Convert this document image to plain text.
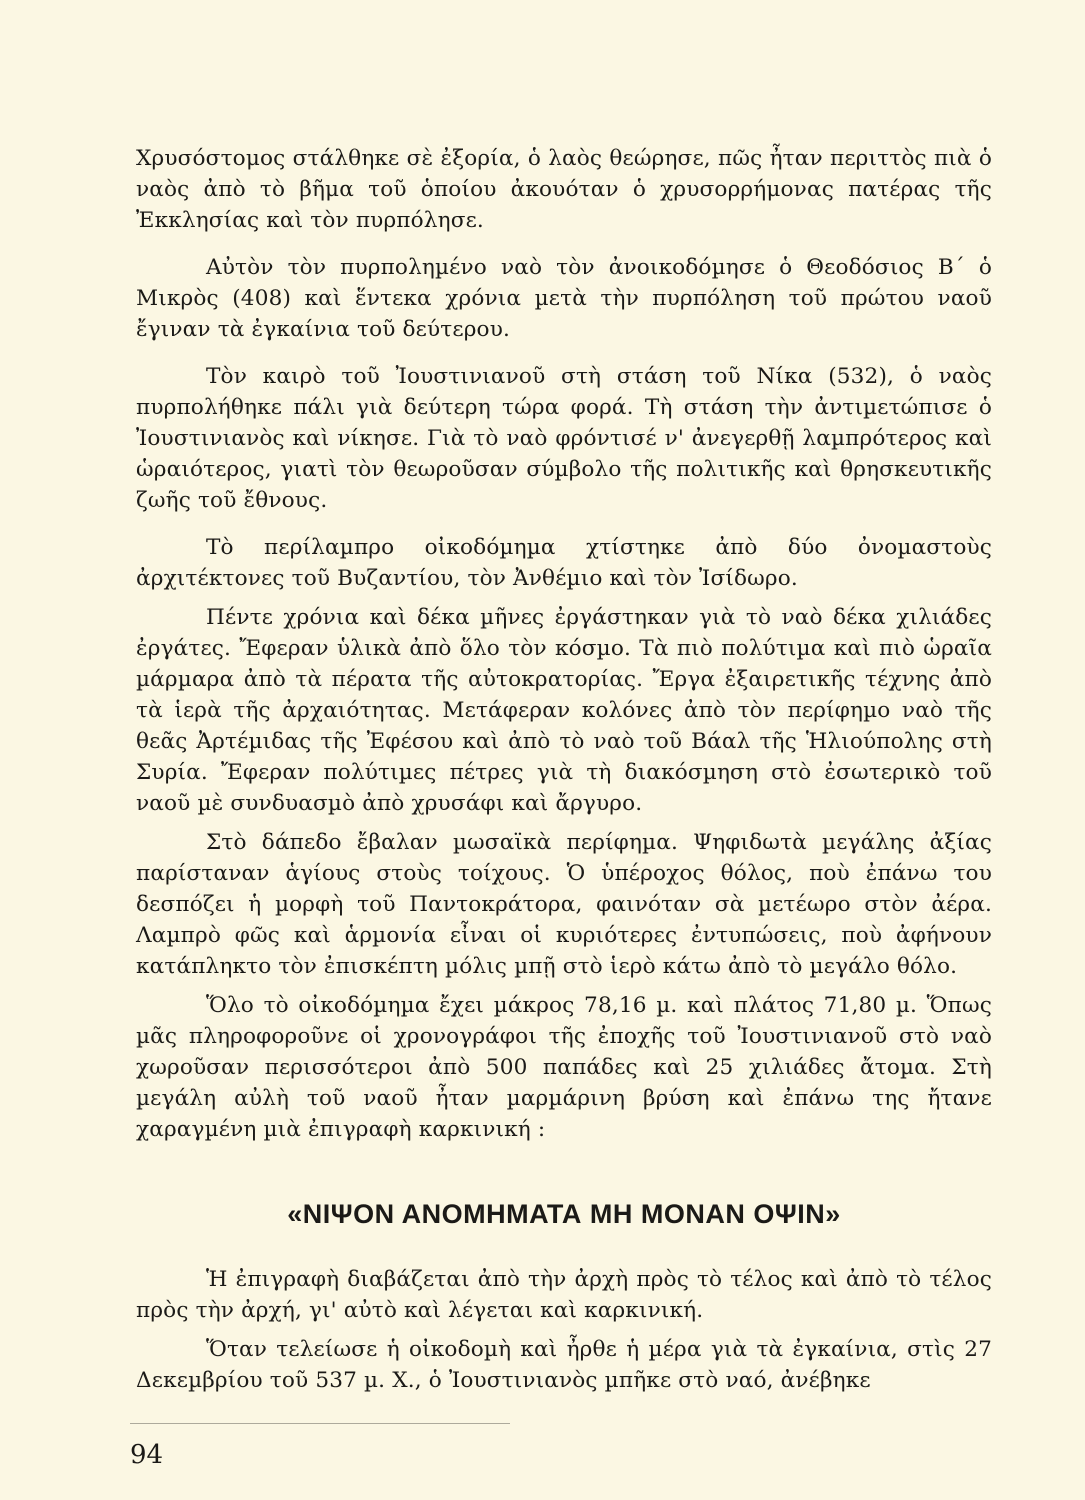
Χρυσόστομος στάλθηκε σὲ ἐξορία, ὁ λαὸς θεώρησε, πῶς ἦταν περιττὸς πιὰ ὁ ναὸς ἀπὸ τὸ βῆμα τοῦ ὁποίου ἀκουόταν ὁ χρυσορρήμονας πατέρας τῆς Ἐκκλησίας καὶ τὸν πυρπόλησε.

Αὐτὸν τὸν πυρποληµένο ναὸ τὸν ἀνοικοδόµησε ὁ Θεοδόσιος Β΄ ὁ Μικρὸς (408) καὶ ἕντεκα χρόνια µετὰ τὴν πυρπόληση τοῦ πρώτου ναοῦ ἔγιναν τὰ ἐγκαίνια τοῦ δεύτερου.

Τὸν καιρὸ τοῦ Ἰουστινιανοῦ στὴ στάση τοῦ Νίκα (532), ὁ ναὸς πυρπολήθηκε πάλι γιὰ δεύτερη τώρα φορά. Τὴ στάση τὴν ἀντιµετώπισε ὁ Ἰουστινιανὸς καὶ νίκησε. Γιὰ τὸ ναὸ φρόντισέ ν' ἀνεγερθῇ λαµπρότερος καὶ ὡραιότερος, γιατὶ τὸν θεωροῦσαν σύµβολο τῆς πολιτικῆς καὶ θρησκευτικῆς ζωῆς τοῦ ἔθνους.

Τὸ περίλαµπρο οἰκοδόµηµα χτίστηκε ἀπὸ δύο ὀνοµαστοὺς ἀρχιτέκτονες τοῦ Βυζαντίου, τὸν Ἀνθέµιο καὶ τὸν Ἰσίδωρο.

Πέντε χρόνια καὶ δέκα µῆνες ἐργάστηκαν γιὰ τὸ ναὸ δέκα χιλιάδες ἐργάτες. Ἔφεραν ὑλικὰ ἀπὸ ὅλο τὸν κόσµο. Τὰ πιὸ πολύτιµα καὶ πιὸ ὡραῖα µάρµαρα ἀπὸ τὰ πέρατα τῆς αὐτοκρατορίας. Ἔργα ἐξαιρετικῆς τέχνης ἀπὸ τὰ ἱερὰ τῆς ἀρχαιότητας. Μετάφεραν κολόνες ἀπὸ τὸν περίφηµο ναὸ τῆς θεᾶς Ἀρτέµιδας τῆς Ἐφέσου καὶ ἀπὸ τὸ ναὸ τοῦ Βάαλ τῆς Ἡλιούπολης στὴ Συρία. Ἔφεραν πολύτιµες πέτρες γιὰ τὴ διακόσµηση στὸ ἐσωτερικὸ τοῦ ναοῦ µὲ συνδυασµὸ ἀπὸ χρυσάφι καὶ ἄργυρο.

Στὸ δάπεδο ἔβαλαν µωσαϊκὰ περίφηµα. Ψηφιδωτὰ µεγάλης ἀξίας παρίσταναν ἁγίους στοὺς τοίχους. Ὁ ὑπέροχος θόλος, ποὺ ἐπάνω του δεσπόζει ἡ µορφὴ τοῦ Παντοκράτορα, φαινόταν σὰ µετέωρο στὸν ἀέρα. Λαµπρὸ φῶς καὶ ἁρµονία εἶναι οἱ κυριότερες ἐντυπώσεις, ποὺ ἀφήνουν κατάπληκτο τὸν ἐπισκέπτη µόλις µπῇ στὸ ἱερὸ κάτω ἀπὸ τὸ µεγάλο θόλο.

Ὅλο τὸ οἰκοδόµηµα ἔχει µάκρος 78,16 µ. καὶ πλάτος 71,80 µ. Ὅπως µᾶς πληροφοροῦνε οἱ χρονογράφοι τῆς ἐποχῆς τοῦ Ἰουστινιανοῦ στὸ ναὸ χωροῦσαν περισσότεροι ἀπὸ 500 παπάδες καὶ 25 χιλιάδες ἄτοµα. Στὴ µεγάλη αὐλὴ τοῦ ναοῦ ἦταν µαρµάρινη βρύση καὶ ἐπάνω της ἤτανε χαραγµένη µιὰ ἐπιγραφὴ καρκινική :

«ΝΙΨΟΝ ΑΝΟΜΗΜΑΤΑ ΜΗ ΜΟΝΑΝ ΟΨΙΝ»

Ἡ ἐπιγραφὴ διαβάζεται ἀπὸ τὴν ἀρχὴ πρὸς τὸ τέλος καὶ ἀπὸ τὸ τέλος πρὸς τὴν ἀρχή, γι' αὐτὸ καὶ λέγεται καὶ καρκινική.

Ὅταν τελείωσε ἡ οἰκοδοµὴ καὶ ἦρθε ἡ µέρα γιὰ τὰ ἐγκαίνια, στὶς 27 Δεκεµβρίου τοῦ 537 µ. Χ., ὁ Ἰουστινιανὸς µπῆκε στὸ ναό, ἀνέβηκε

94
